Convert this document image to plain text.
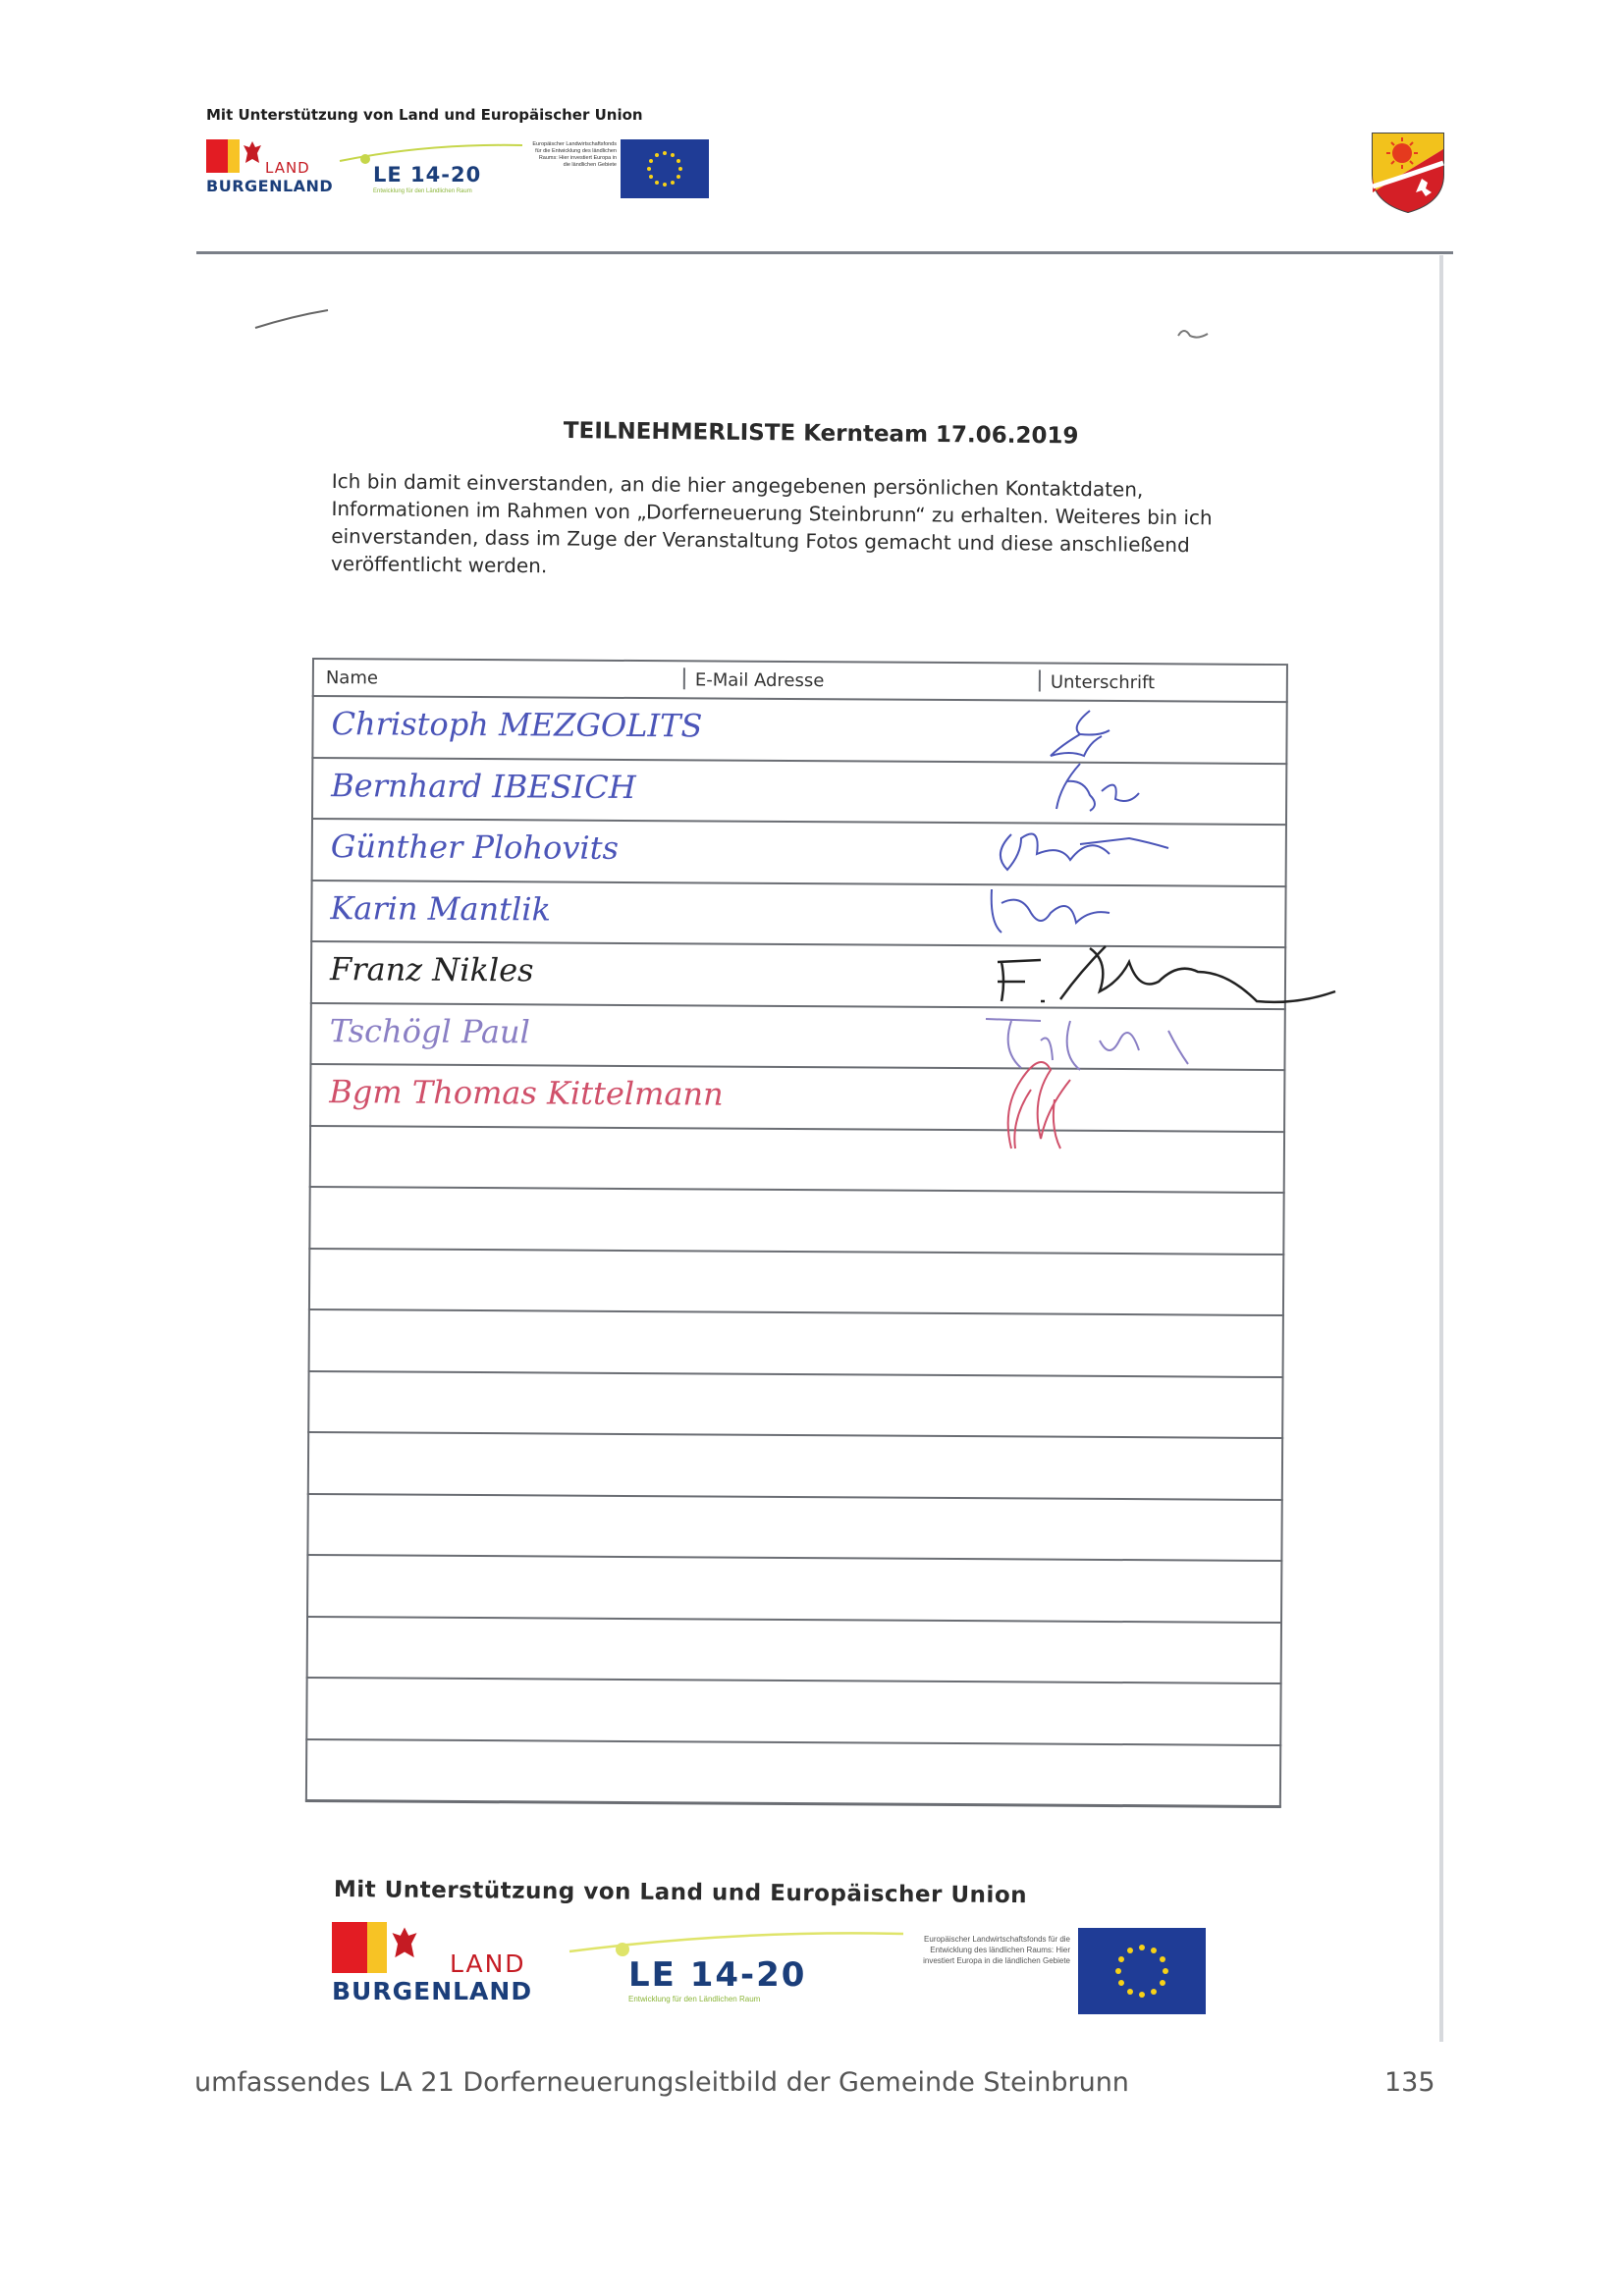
Mit Unterstützung von Land und Europäischer Union
LAND
BURGENLAND LE 14-20
Entwicklung für den Ländlichen Raum
Europäischer Landwirtschaftsfonds für die Entwicklung des ländlichen Raums: Hier investiert Europa in die ländlichen Gebiete
TEILNEHMERLISTE Kernteam 17.06.2019
Ich bin damit einverstanden, an die hier angegebenen persönlichen Kontaktdaten,
Informationen im Rahmen von „Dorferneuerung Steinbrunn“ zu erhalten. Weiteres bin ich
einverstanden, dass im Zuge der Veranstaltung Fotos gemacht und diese anschließend
veröffentlicht werden.
Name	E-Mail Adresse	Unterschrift
Christoph MEZGOLITS
Bernhard IBESICH
Günther Plohovits
Karin Mantlik
Franz Nikles
Tschögl Paul
Bgm Thomas Kittelmann
Mit Unterstützung von Land und Europäischer Union
LAND
BURGENLAND	LE 14-20
Entwicklung für den Ländlichen Raum
Europäischer Landwirtschaftsfonds für die Entwicklung des ländlichen Raums: Hier investiert Europa in die ländlichen Gebiete
umfassendes LA 21 Dorferneuerungsleitbild der Gemeinde Steinbrunn	135
